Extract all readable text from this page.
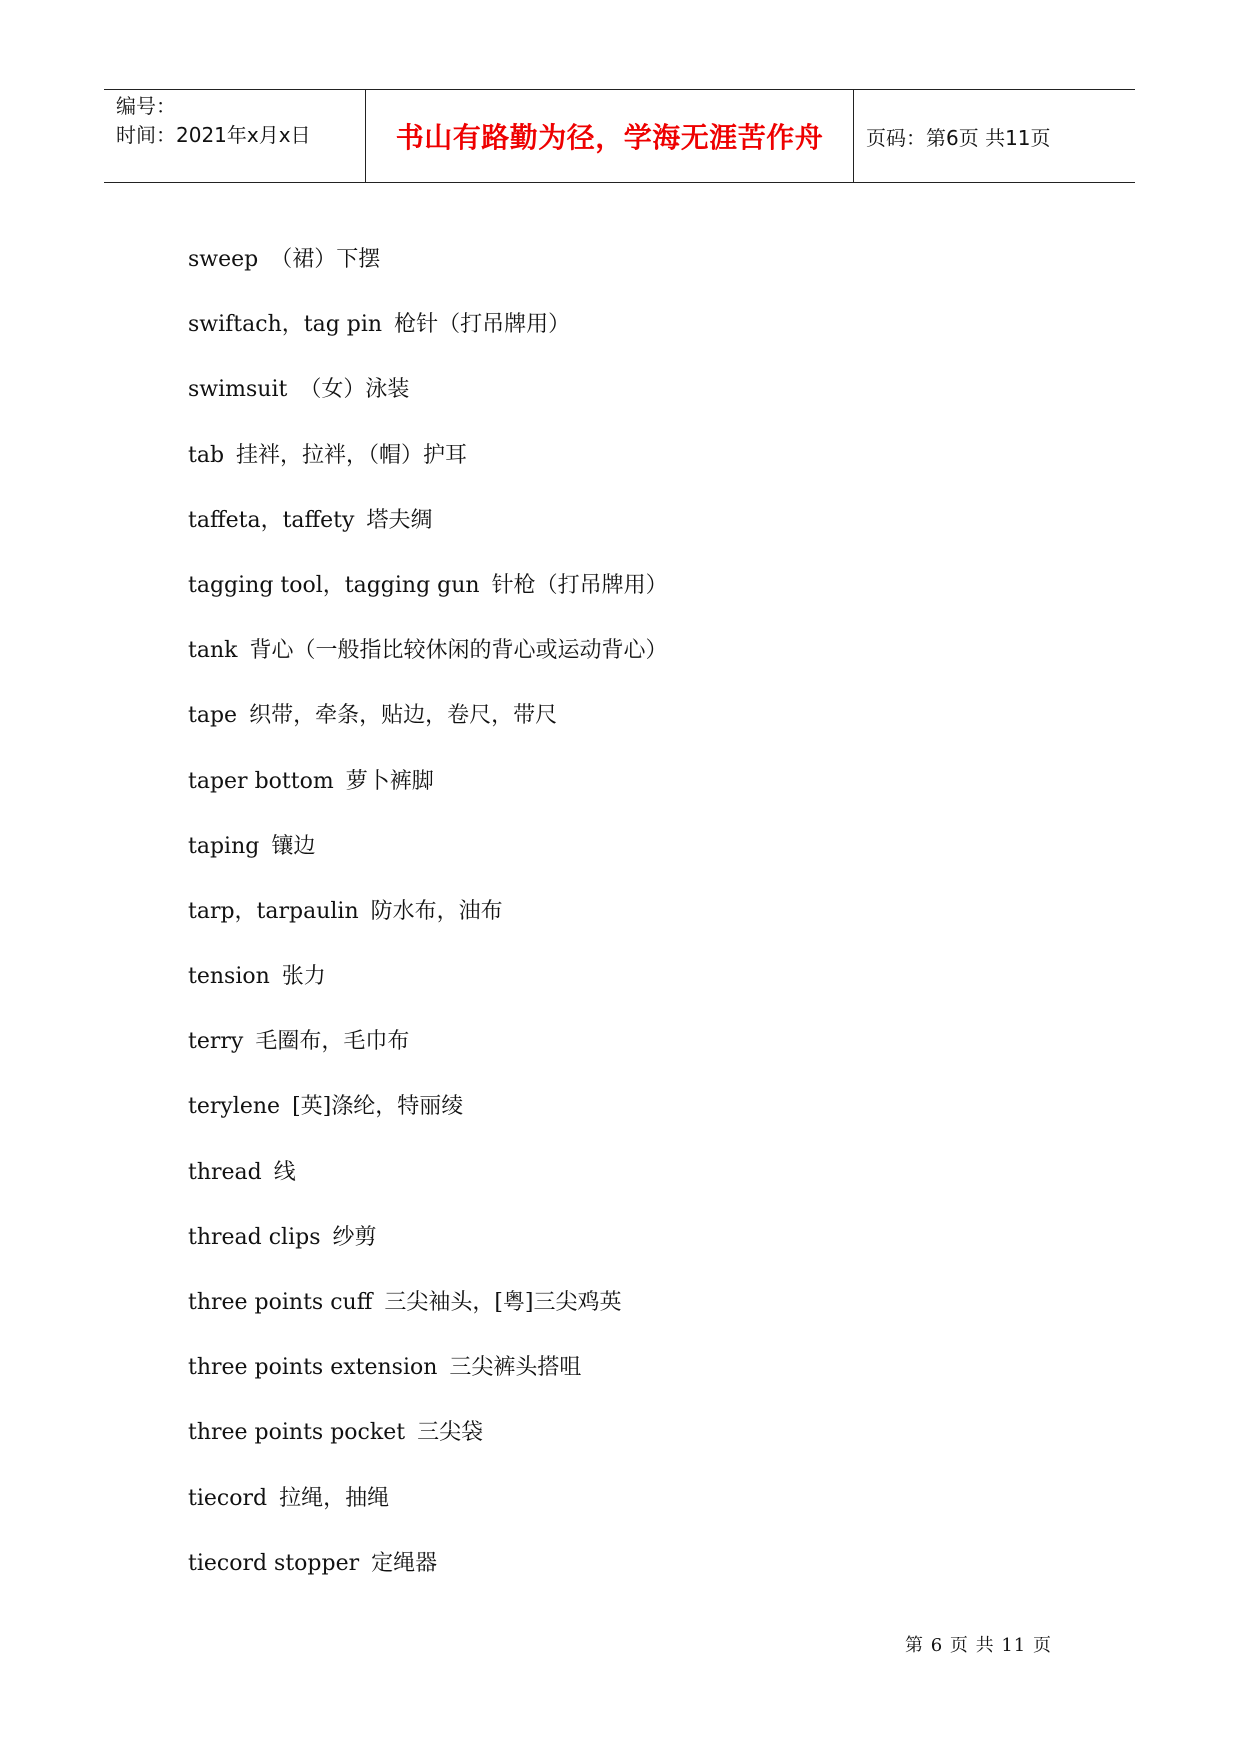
编号：
时间：2021年x月x日	书山有路勤为径，学海无涯苦作舟	页码：第6页 共11页
sweep （裙）下摆
swiftach，tag pin 枪针（打吊牌用）
swimsuit （女）泳装
tab 挂袢，拉袢，（帽）护耳
taffeta，taffety 塔夫绸
tagging tool，tagging gun 针枪（打吊牌用）
tank 背心（一般指比较休闲的背心或运动背心）
tape 织带，牵条，贴边，卷尺，带尺
taper bottom 萝卜裤脚
taping 镶边
tarp，tarpaulin 防水布，油布
tension 张力
terry 毛圈布，毛巾布
terylene [英]涤纶，特丽绫
thread 线
thread clips 纱剪
three points cuff 三尖袖头，[粤]三尖鸡英
three points extension 三尖裤头搭咀
three points pocket 三尖袋
tiecord 拉绳，抽绳
tiecord stopper 定绳器
第 6 页 共 11 页
